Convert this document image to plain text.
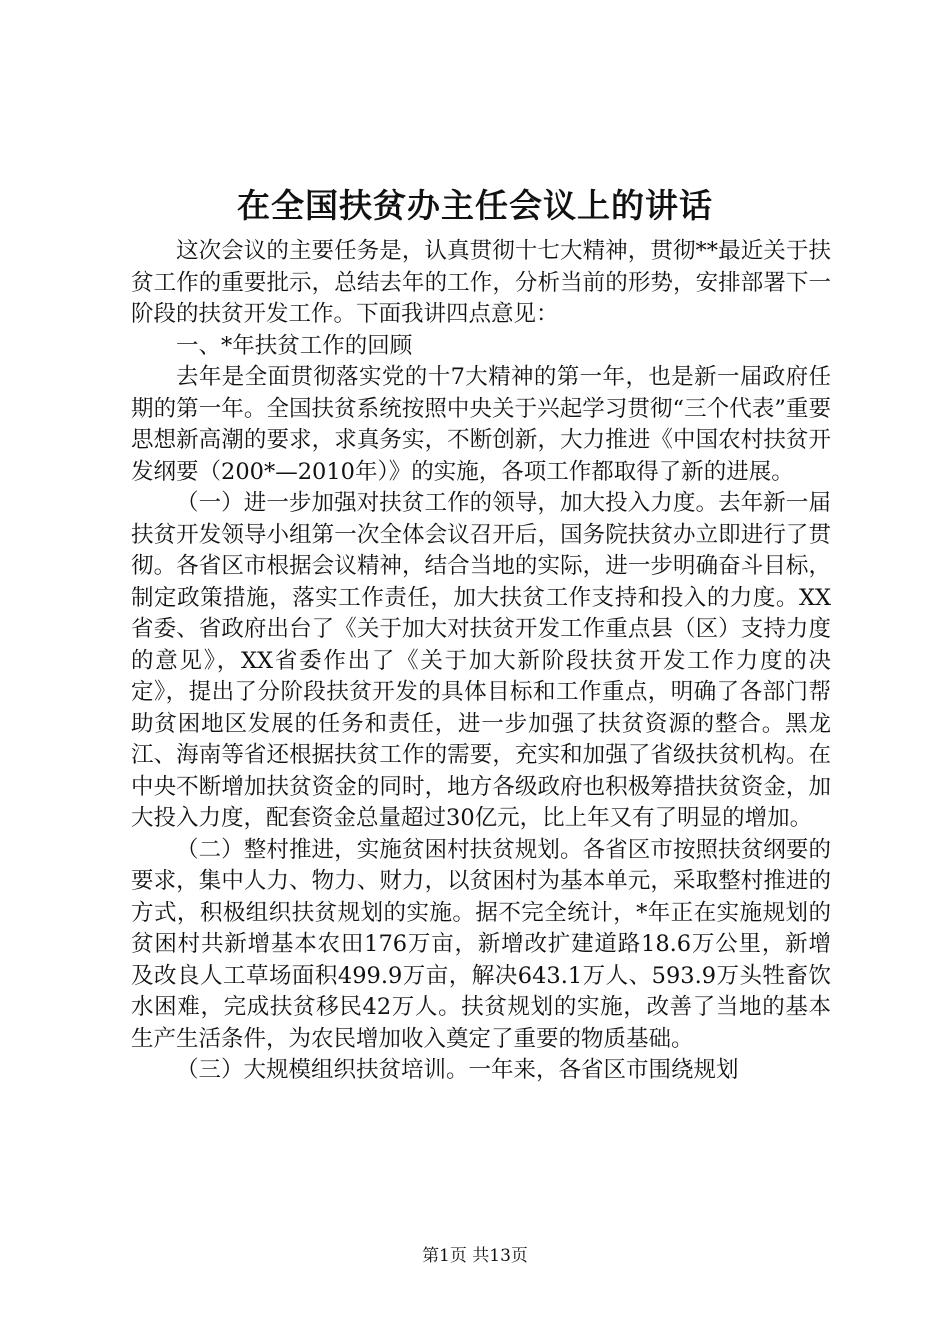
在全国扶贫办主任会议上的讲话

这次会议的主要任务是，认真贯彻十七大精神，贯彻**最近关于扶贫工作的重要批示，总结去年的工作，分析当前的形势，安排部署下一阶段的扶贫开发工作。下面我讲四点意见：

一、*年扶贫工作的回顾

去年是全面贯彻落实党的十7大精神的第一年，也是新一届政府任期的第一年。全国扶贫系统按照中央关于兴起学习贯彻“三个代表”重要思想新高潮的要求，求真务实，不断创新，大力推进《中国农村扶贫开发纲要（200*—2010年）》的实施，各项工作都取得了新的进展。

（一）进一步加强对扶贫工作的领导，加大投入力度。去年新一届扶贫开发领导小组第一次全体会议召开后，国务院扶贫办立即进行了贯彻。各省区市根据会议精神，结合当地的实际，进一步明确奋斗目标，制定政策措施，落实工作责任，加大扶贫工作支持和投入的力度。XX省委、省政府出台了《关于加大对扶贫开发工作重点县（区）支持力度的意见》，XX省委作出了《关于加大新阶段扶贫开发工作力度的决定》，提出了分阶段扶贫开发的具体目标和工作重点，明确了各部门帮助贫困地区发展的任务和责任，进一步加强了扶贫资源的整合。黑龙江、海南等省还根据扶贫工作的需要，充实和加强了省级扶贫机构。在中央不断增加扶贫资金的同时，地方各级政府也积极筹措扶贫资金，加大投入力度，配套资金总量超过30亿元，比上年又有了明显的增加。

（二）整村推进，实施贫困村扶贫规划。各省区市按照扶贫纲要的要求，集中人力、物力、财力，以贫困村为基本单元，采取整村推进的方式，积极组织扶贫规划的实施。据不完全统计，*年正在实施规划的贫困村共新增基本农田176万亩，新增改扩建道路18.6万公里，新增及改良人工草场面积499.9万亩，解决643.1万人、593.9万头牲畜饮水困难，完成扶贫移民42万人。扶贫规划的实施，改善了当地的基本生产生活条件，为农民增加收入奠定了重要的物质基础。

（三）大规模组织扶贫培训。一年来，各省区市围绕规划

第1页 共13页
